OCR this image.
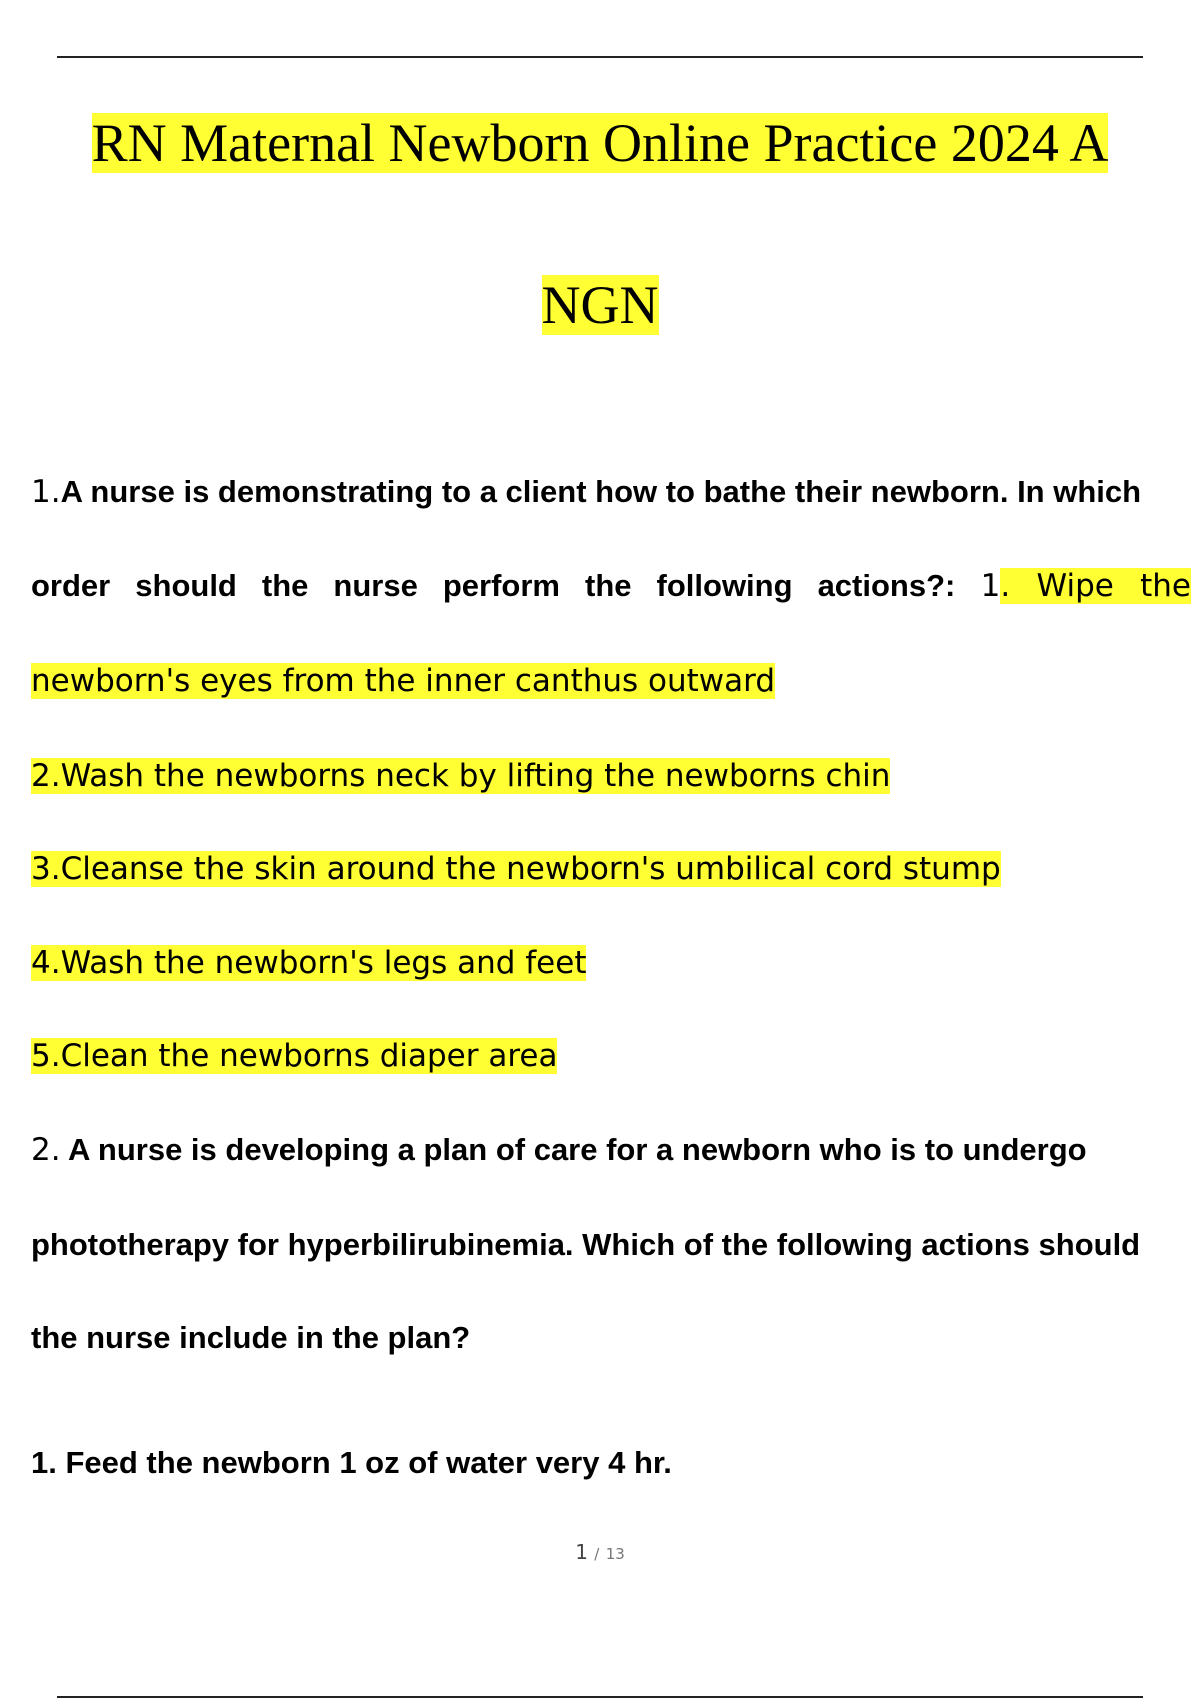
RN Maternal Newborn Online Practice 2024 A
NGN
1.A nurse is demonstrating to a client how to bathe their newborn. In which
order should the nurse perform the following actions?: 1. Wipe the
newborn's eyes from the inner canthus outward
2.Wash the newborns neck by lifting the newborns chin
3.Cleanse the skin around the newborn's umbilical cord stump
4.Wash the newborn's legs and feet
5.Clean the newborns diaper area
2. A nurse is developing a plan of care for a newborn who is to undergo
phototherapy for hyperbilirubinemia. Which of the following actions should
the nurse include in the plan?
1. Feed the newborn 1 oz of water very 4 hr.
1 / 13
